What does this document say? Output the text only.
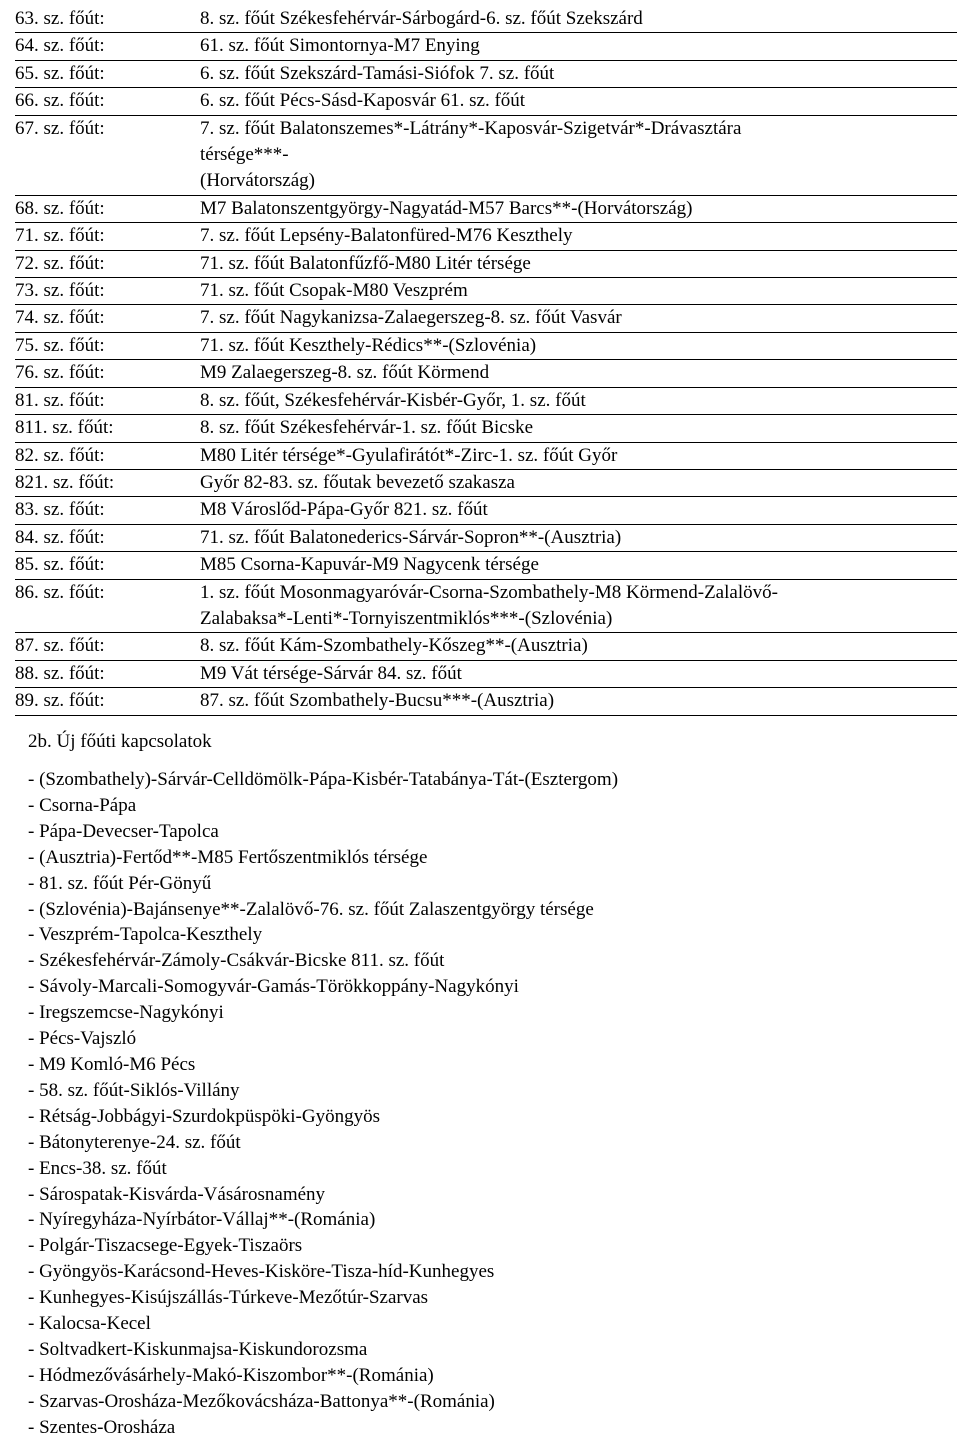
63. sz. főút:	8. sz. főút Székesfehérvár-Sárbogárd-6. sz. főút Szekszárd

64. sz. főút:	61. sz. főút Simontornya-M7 Enying

65. sz. főút:	6. sz. főút Szekszárd-Tamási-Siófok 7. sz. főút

66. sz. főút:	6. sz. főút Pécs-Sásd-Kaposvár 61. sz. főút

67. sz. főút:	7. sz. főút Balatonszemes*-Látrány*-Kaposvár-Szigetvár*-Drávasztára
térsége***-
(Horvátország)

68. sz. főút:	M7 Balatonszentgyörgy-Nagyatád-M57 Barcs**-(Horvátország)

71. sz. főút:	7. sz. főút Lepsény-Balatonfüred-M76 Keszthely

72. sz. főút:	71. sz. főút Balatonfűzfő-M80 Litér térsége

73. sz. főút:	71. sz. főút Csopak-M80 Veszprém

74. sz. főút:	7. sz. főút Nagykanizsa-Zalaegerszeg-8. sz. főút Vasvár

75. sz. főút:	71. sz. főút Keszthely-Rédics**-(Szlovénia)

76. sz. főút:	M9 Zalaegerszeg-8. sz. főút Körmend

81. sz. főút:	8. sz. főút, Székesfehérvár-Kisbér-Győr, 1. sz. főút

811. sz. főút:	8. sz. főút Székesfehérvár-1. sz. főút Bicske

82. sz. főút:	M80 Litér térsége*-Gyulafirátót*-Zirc-1. sz. főút Győr

821. sz. főút:	Győr 82-83. sz. főutak bevezető szakasza

83. sz. főút:	M8 Városlőd-Pápa-Győr 821. sz. főút

84. sz. főút:	71. sz. főút Balatonederics-Sárvár-Sopron**-(Ausztria)

85. sz. főút:	M85 Csorna-Kapuvár-M9 Nagycenk térsége

86. sz. főút:	1. sz. főút Mosonmagyaróvár-Csorna-Szombathely-M8 Körmend-Zalalövő-
Zalabaksa*-Lenti*-Tornyiszentmiklós***-(Szlovénia)

87. sz. főút:	8. sz. főút Kám-Szombathely-Kőszeg**-(Ausztria)

88. sz. főút:	M9 Vát térsége-Sárvár 84. sz. főút

89. sz. főút:	87. sz. főút Szombathely-Bucsu***-(Ausztria)
2b. Új főúti kapcsolatok
- (Szombathely)-Sárvár-Celldömölk-Pápa-Kisbér-Tatabánya-Tát-(Esztergom)
- Csorna-Pápa
- Pápa-Devecser-Tapolca
- (Ausztria)-Fertőd**-M85 Fertőszentmiklós térsége
- 81. sz. főút Pér-Gönyű
- (Szlovénia)-Bajánsenye**-Zalalövő-76. sz. főút Zalaszentgyörgy térsége
- Veszprém-Tapolca-Keszthely
- Székesfehérvár-Zámoly-Csákvár-Bicske 811. sz. főút
- Sávoly-Marcali-Somogyvár-Gamás-Törökkoppány-Nagykónyi
- Iregszemcse-Nagykónyi
- Pécs-Vajszló
- M9 Komló-M6 Pécs
- 58. sz. főút-Siklós-Villány
- Rétság-Jobbágyi-Szurdokpüspöki-Gyöngyös
- Bátonyterenye-24. sz. főút
- Encs-38. sz. főút
- Sárospatak-Kisvárda-Vásárosnamény
- Nyíregyháza-Nyírbátor-Vállaj**-(Románia)
- Polgár-Tiszacsege-Egyek-Tiszaörs
- Gyöngyös-Karácsond-Heves-Kisköre-Tisza-híd-Kunhegyes
- Kunhegyes-Kisújszállás-Túrkeve-Mezőtúr-Szarvas
- Kalocsa-Kecel
- Soltvadkert-Kiskunmajsa-Kiskundorozsma
- Hódmezővásárhely-Makó-Kiszombor**-(Románia)
- Szarvas-Orosháza-Mezőkovácsháza-Battonya**-(Románia)
- Szentes-Orosháza
